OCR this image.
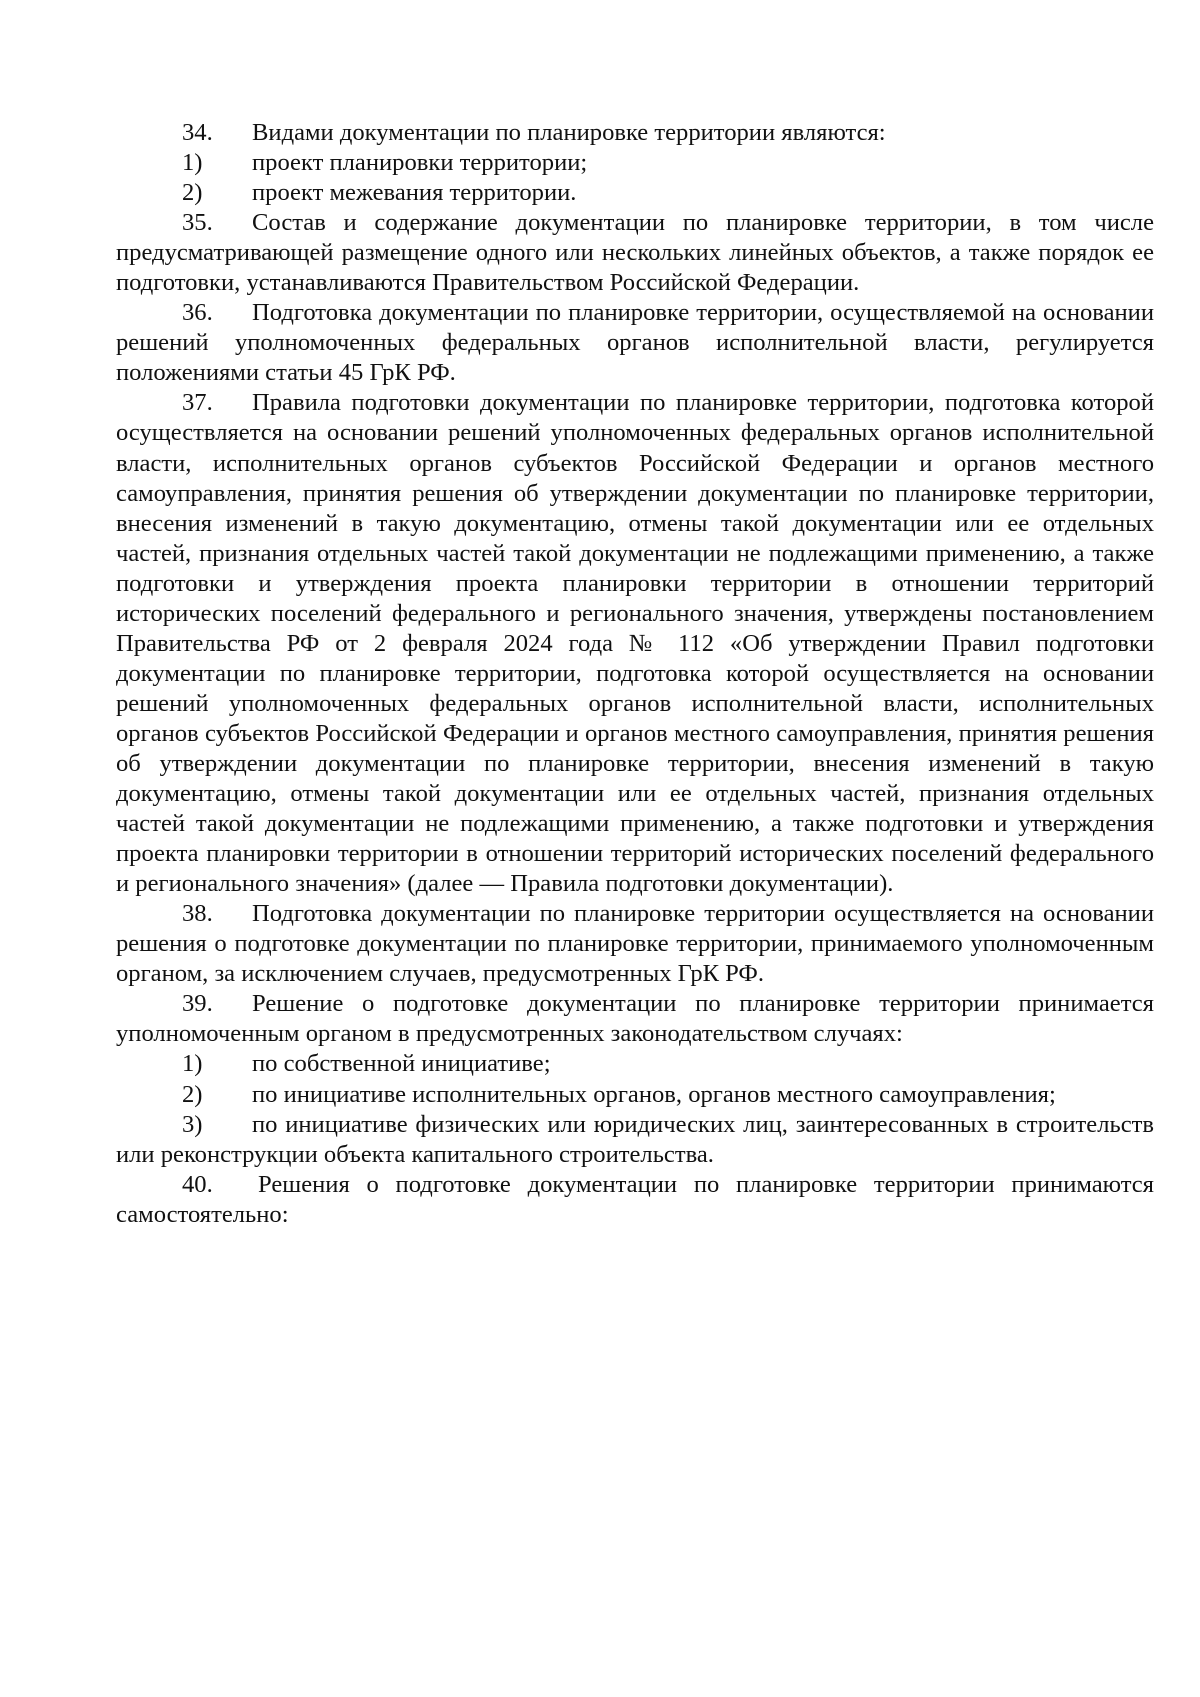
34. Видами документации по планировке территории являются:

1) проект планировки территории;

2) проект межевания территории.

35. Состав и содержание документации по планировке территории, в том числе предусматривающей размещение одного или нескольких линейных объектов, а также порядок ее подготовки, устанавливаются Правительством Российской Федерации.

36. Подготовка документации по планировке территории, осуществляемой на основании решений уполномоченных федеральных органов исполнительной власти, регулируется положениями статьи 45 ГрК РФ.

37. Правила подготовки документации по планировке территории, подготовка которой осуществляется на основании решений уполномоченных федеральных органов исполнительной власти, исполнительных органов субъектов Российской Федерации и органов местного самоуправления, принятия решения об утверждении документации по планировке территории, внесения изменений в такую документацию, отмены такой документации или ее отдельных частей, признания отдельных частей такой документации не подлежащими применению, а также подготовки и утверждения проекта планировки территории в отношении территорий исторических поселений федерального и регионального значения, утверждены постановлением Правительства РФ от 2 февраля 2024 года № 112 «Об утверждении Правил подготовки документации по планировке территории, подготовка которой осуществляется на основании решений уполномоченных федеральных органов исполнительной власти, исполнительных органов субъектов Российской Федерации и органов местного самоуправления, принятия решения об утверждении документации по планировке территории, внесения изменений в такую документацию, отмены такой документации или ее отдельных частей, признания отдельных частей такой документации не подлежащими применению, а также подготовки и утверждения проекта планировки территории в отношении территорий исторических поселений федерального и регионального значения» (далее — Правила подготовки документации).

38. Подготовка документации по планировке территории осуществляется на основании решения о подготовке документации по планировке территории, принимаемого уполномоченным органом, за исключением случаев, предусмотренных ГрК РФ.

39. Решение о подготовке документации по планировке территории принимается уполномоченным органом в предусмотренных законодательством случаях:

1) по собственной инициативе;

2) по инициативе исполнительных органов, органов местного самоуправления;

3) по инициативе физических или юридических лиц, заинтересованных в строительств или реконструкции объекта капитального строительства.

40. Решения о подготовке документации по планировке территории принимаются самостоятельно:
